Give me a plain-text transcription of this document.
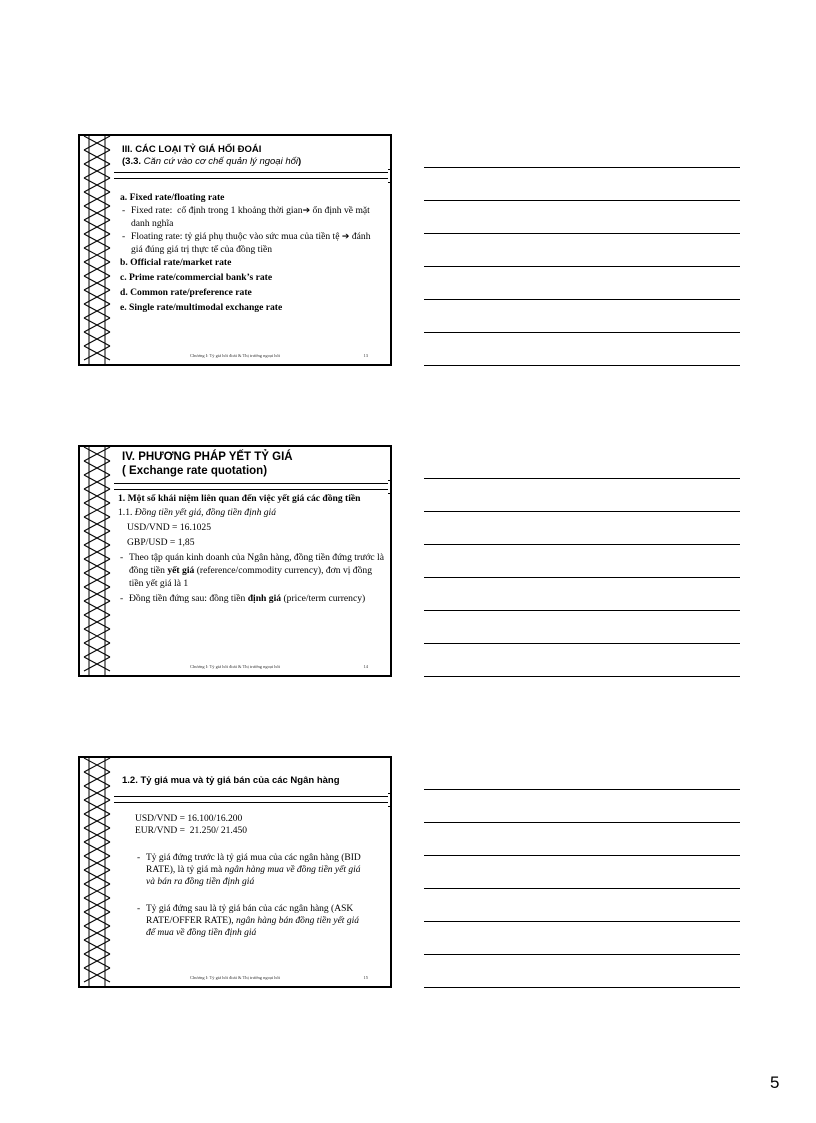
III. CÁC LOẠI TỶ GIÁ HỐI ĐOÁI
(3.3. Căn cứ vào cơ chế quản lý ngoại hối)
a. Fixed rate/floating rate
- Fixed rate:  cố định trong 1 khoảng thời gian➔ ổn định về mặt danh nghĩa
- Floating rate: tỷ giá phụ thuộc vào sức mua của tiền tệ ➔ đánh giá đúng giá trị thực tế của đồng tiền
b. Official rate/market rate
c. Prime rate/commercial bank’s rate
d. Common rate/preference rate
e. Single rate/multimodal exchange rate
Chương I: Tỷ giá hối đoái & Thị trường ngoại hối	13
IV. PHƯƠNG PHÁP YẾT TỶ GIÁ
( Exchange rate quotation)
1. Một số khái niệm liên quan đến việc yết giá các đồng tiền
1.1. Đồng tiền yết giá, đồng tiền định giá
USD/VND = 16.1025
GBP/USD = 1,85
- Theo tập quán kinh doanh của Ngân hàng, đồng tiền đứng trước là đồng tiền yết giá (reference/commodity currency), đơn vị đồng tiền yết giá là 1
- Đồng tiền đứng sau: đồng tiền định giá (price/term currency)
Chương I: Tỷ giá hối đoái & Thị trường ngoại hối	14
1.2. Tỷ giá mua và tỷ giá bán của các Ngân hàng
USD/VND = 16.100/16.200
EUR/VND =  21.250/ 21.450
- Tỷ giá đứng trước là tỷ giá mua của các ngân hàng (BID RATE), là tỷ giá mà ngân hàng mua về đồng tiền yết giá và bán ra đồng tiền định giá
- Tỷ giá đứng sau là tỷ giá bán của các ngân hàng (ASK RATE/OFFER RATE), ngân hàng bán đồng tiền yết giá để mua về đồng tiền định giá
Chương I: Tỷ giá hối đoái & Thị trường ngoại hối	15
5
